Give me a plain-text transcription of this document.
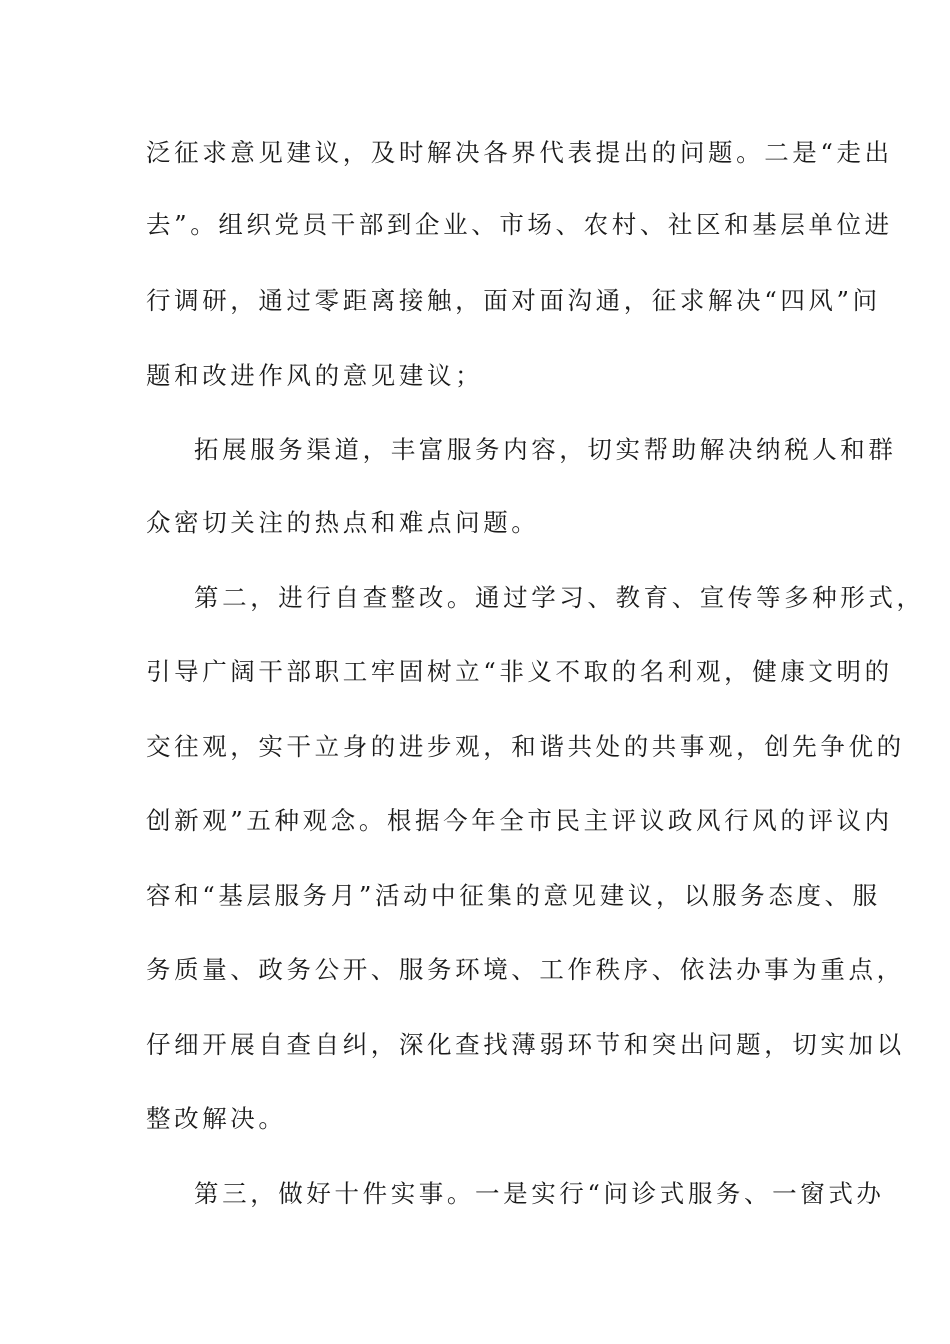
泛征求意见建议，及时解决各界代表提出的问题。二是“走出
去”。组织党员干部到企业、市场、农村、社区和基层单位进
行调研，通过零距离接触，面对面沟通，征求解决“四风”问
题和改进作风的意见建议；
拓展服务渠道，丰富服务内容，切实帮助解决纳税人和群
众密切关注的热点和难点问题。
第二，进行自查整改。通过学习、教育、宣传等多种形式，
引导广阔干部职工牢固树立“非义不取的名利观，健康文明的
交往观，实干立身的进步观，和谐共处的共事观，创先争优的
创新观”五种观念。根据今年全市民主评议政风行风的评议内
容和“基层服务月”活动中征集的意见建议，以服务态度、服
务质量、政务公开、服务环境、工作秩序、依法办事为重点，
仔细开展自查自纠，深化查找薄弱环节和突出问题，切实加以
整改解决。
第三，做好十件实事。一是实行“问诊式服务、一窗式办
